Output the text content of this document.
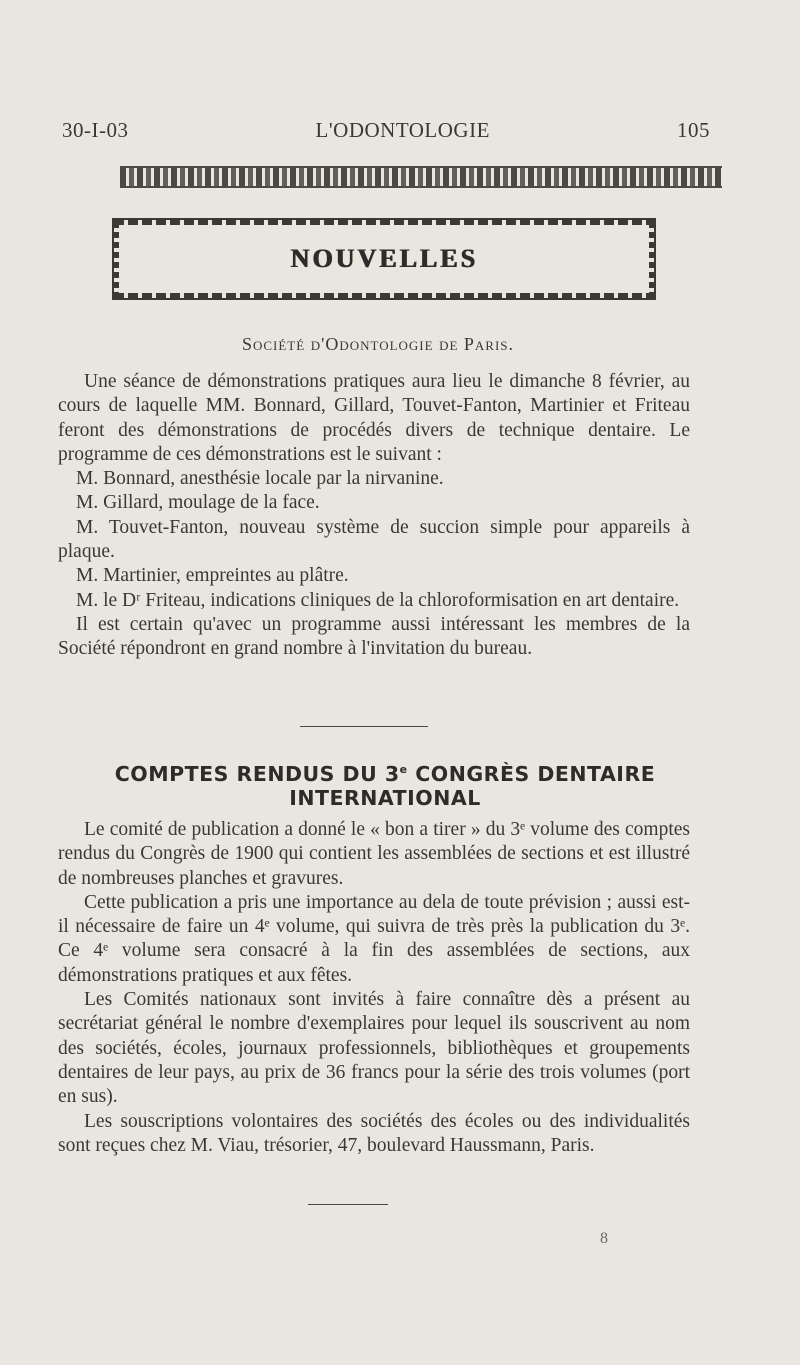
30-I-03	L'ODONTOLOGIE	105
NOUVELLES
Société d'Odontologie de Paris.

Une séance de démonstrations pratiques aura lieu le dimanche 8 février, au cours de laquelle MM. Bonnard, Gillard, Touvet-Fanton, Martinier et Friteau feront des démonstrations de procédés divers de technique dentaire. Le programme de ces démonstrations est le suivant :

M. Bonnard, anesthésie locale par la nirvanine.

M. Gillard, moulage de la face.

M. Touvet-Fanton, nouveau système de succion simple pour appareils à plaque.

M. Martinier, empreintes au plâtre.

M. le Dʳ Friteau, indications cliniques de la chloroformisation en art dentaire.

Il est certain qu'avec un programme aussi intéressant les membres de la Société répondront en grand nombre à l'invitation du bureau.

COMPTES RENDUS DU 3e CONGRÈS DENTAIRE
INTERNATIONAL

Le comité de publication a donné le « bon a tirer » du 3ᵉ volume des comptes rendus du Congrès de 1900 qui contient les assemblées de sections et est illustré de nombreuses planches et gravures.

Cette publication a pris une importance au dela de toute prévision ; aussi est-il nécessaire de faire un 4ᵉ volume, qui suivra de très près la publication du 3ᵉ. Ce 4ᵉ volume sera consacré à la fin des assemblées de sections, aux démonstrations pratiques et aux fêtes.

Les Comités nationaux sont invités à faire connaître dès a présent au secrétariat général le nombre d'exemplaires pour lequel ils souscrivent au nom des sociétés, écoles, journaux professionnels, bibliothèques et groupements dentaires de leur pays, au prix de 36 francs pour la série des trois volumes (port en sus).

Les souscriptions volontaires des sociétés des écoles ou des individualités sont reçues chez M. Viau, trésorier, 47, boulevard Haussmann, Paris.

8
